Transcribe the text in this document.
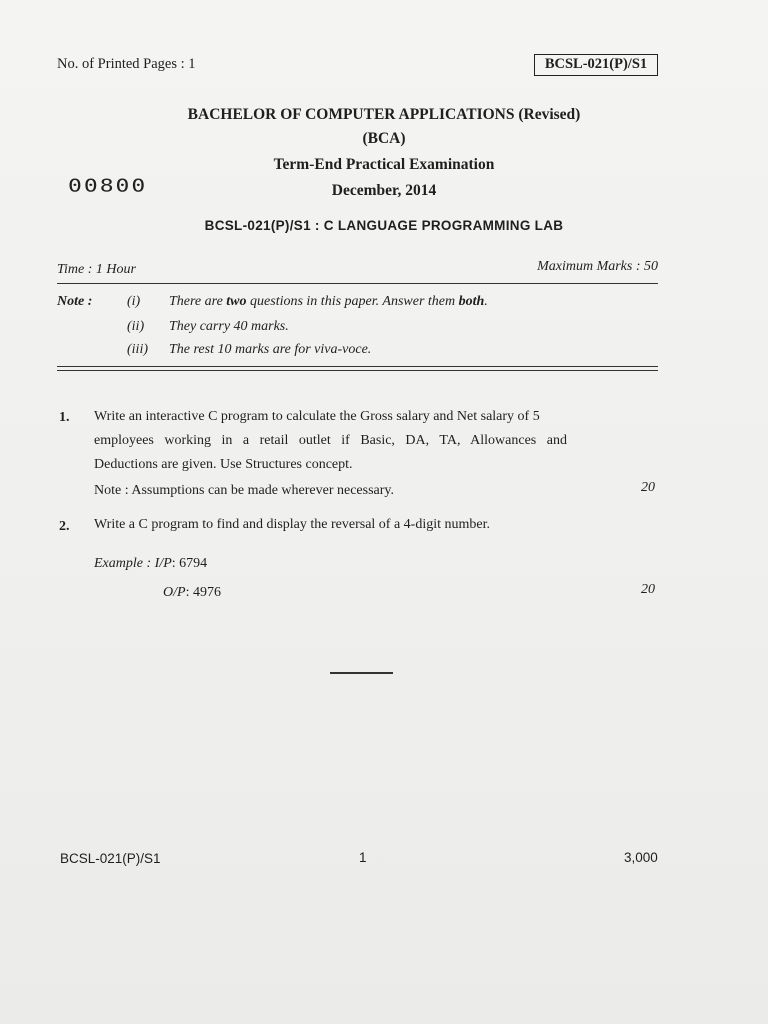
No. of Printed Pages : 1	BCSL-021(P)/S1
BACHELOR OF COMPUTER APPLICATIONS (Revised)
(BCA)
Term-End Practical Examination
00800	December, 2014
BCSL-021(P)/S1 : C LANGUAGE PROGRAMMING LAB
Time : 1 Hour	Maximum Marks : 50
Note : (i) There are two questions in this paper. Answer them both.
(ii) They carry 40 marks.
(iii) The rest 10 marks are for viva-voce.
1. Write an interactive C program to calculate the Gross salary and Net salary of 5
employees working in a retail outlet if Basic, DA, TA, Allowances and
Deductions are given. Use Structures concept.
Note : Assumptions can be made wherever necessary.	20
2. Write a C program to find and display the reversal of a 4-digit number.
Example : I/P: 6794
O/P: 4976	20
BCSL-021(P)/S1	1	3,000
